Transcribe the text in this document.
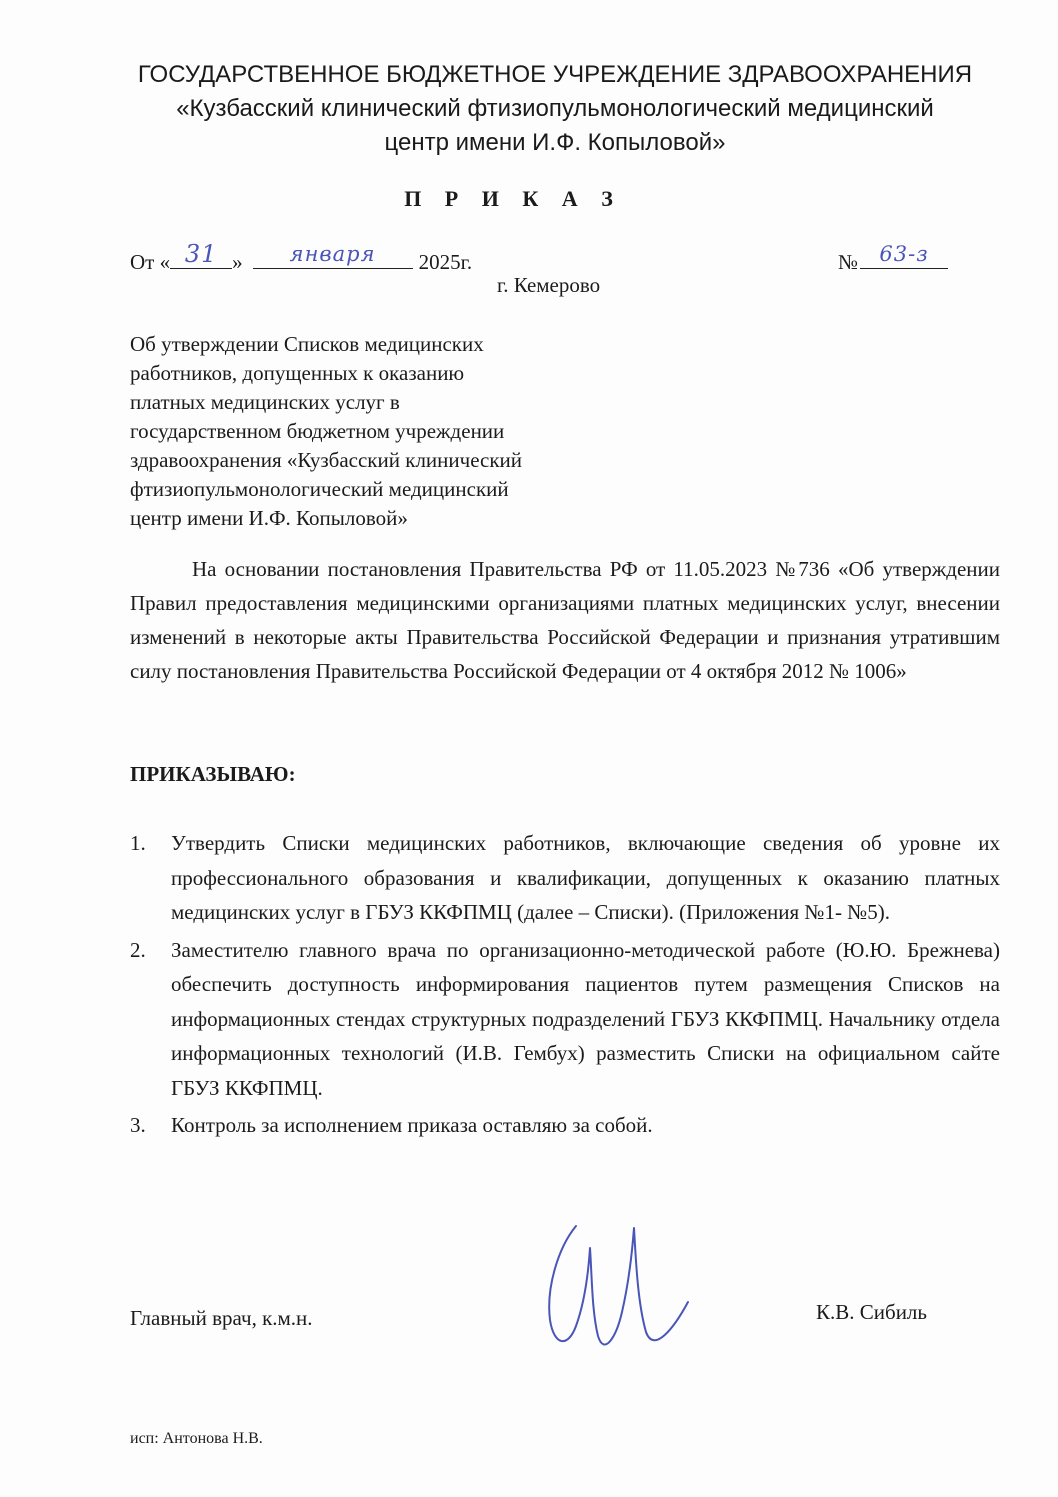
ГОСУДАРСТВЕННОЕ БЮДЖЕТНОЕ УЧРЕЖДЕНИЕ ЗДРАВООХРАНЕНИЯ
«Кузбасский клинический фтизиопульмонологический медицинский
центр имени И.Ф. Копыловой»
П Р И К А З
От « 31 »	января	2025г.	№	63-з
г. Кемерово
Об утверждении Списков медицинских
работников, допущенных к оказанию
платных медицинских услуг в
государственном бюджетном учреждении
здравоохранения «Кузбасский клинический
фтизиопульмонологический медицинский
центр имени И.Ф. Копыловой»
На основании постановления Правительства РФ от 11.05.2023 №736 «Об утверждении Правил предоставления медицинскими организациями платных медицинских услуг, внесении изменений в некоторые акты Правительства Российской Федерации и признания утратившим силу постановления Правительства Российской Федерации от 4 октября 2012 № 1006»
ПРИКАЗЫВАЮ:
1. Утвердить Списки медицинских работников, включающие сведения об уровне их профессионального образования и квалификации, допущенных к оказанию платных медицинских услуг в ГБУЗ ККФПМЦ (далее – Списки). (Приложения №1- №5).
2. Заместителю главного врача по организационно-методической работе (Ю.Ю. Брежнева) обеспечить доступность информирования пациентов путем размещения Списков на информационных стендах структурных подразделений ГБУЗ ККФПМЦ. Начальнику отдела информационных технологий (И.В. Гембух) разместить Списки на официальном сайте ГБУЗ ККФПМЦ.
3. Контроль за исполнением приказа оставляю за собой.
Главный врач, к.м.н.	К.В. Сибиль
исп: Антонова Н.В.
